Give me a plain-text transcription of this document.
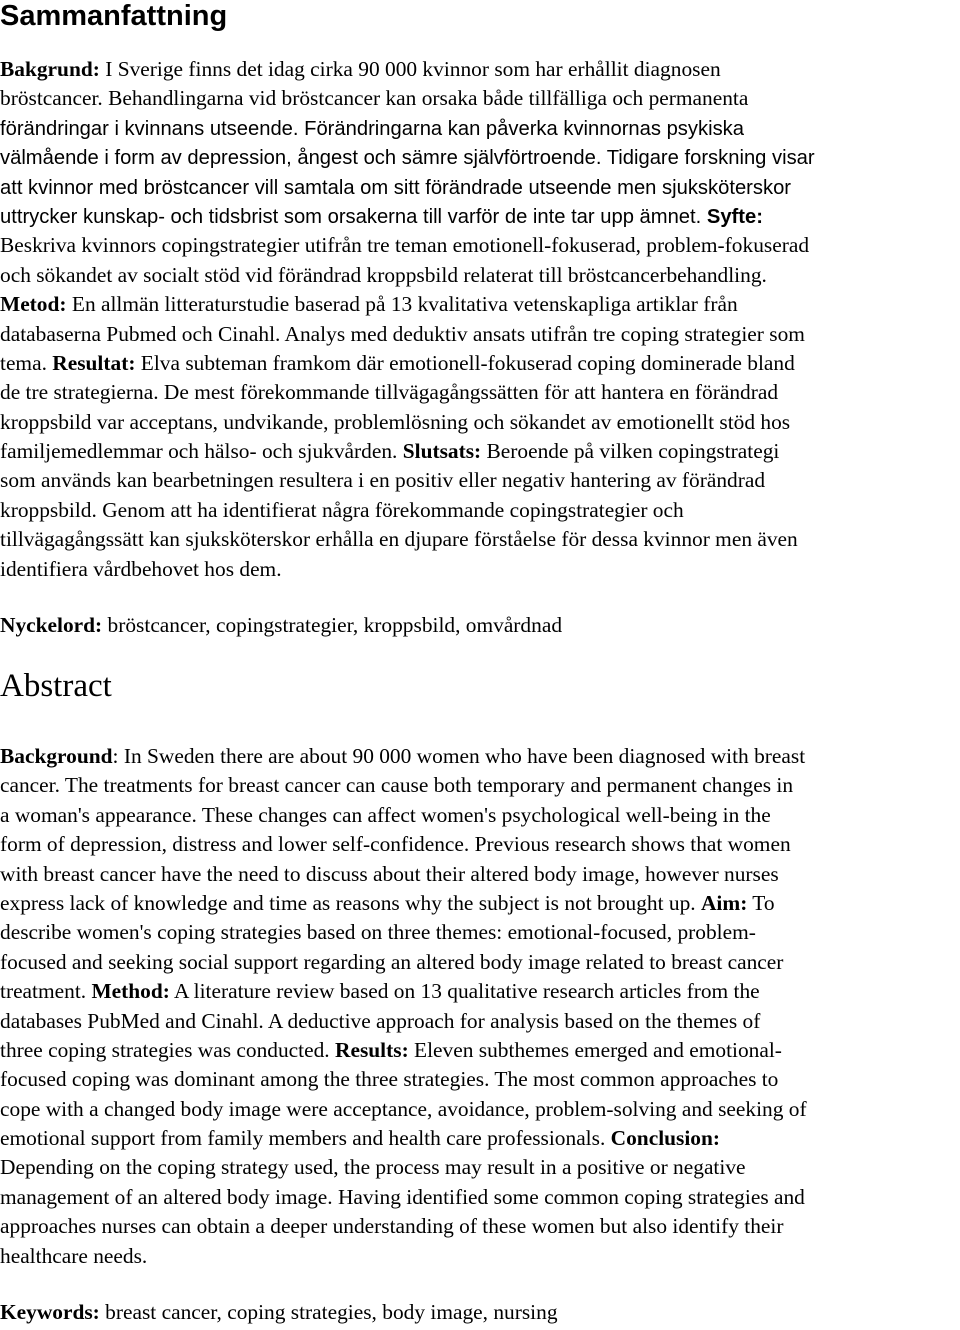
Sammanfattning
Bakgrund: I Sverige finns det idag cirka 90 000 kvinnor som har erhållit diagnosen
bröstcancer. Behandlingarna vid bröstcancer kan orsaka både tillfälliga och permanenta
förändringar i kvinnans utseende. Förändringarna kan påverka kvinnornas psykiska
välmående i form av depression, ångest och sämre självförtroende. Tidigare forskning visar
att kvinnor med bröstcancer vill samtala om sitt förändrade utseende men sjuksköterskor
uttrycker kunskap- och tidsbrist som orsakerna till varför de inte tar upp ämnet. Syfte:
Beskriva kvinnors copingstrategier utifrån tre teman emotionell-fokuserad, problem-fokuserad
och sökandet av socialt stöd vid förändrad kroppsbild relaterat till bröstcancerbehandling.
Metod: En allmän litteraturstudie baserad på 13 kvalitativa vetenskapliga artiklar från
databaserna Pubmed och Cinahl. Analys med deduktiv ansats utifrån tre coping strategier som
tema. Resultat: Elva subteman framkom där emotionell-fokuserad coping dominerade bland
de tre strategierna. De mest förekommande tillvägagångssätten för att hantera en förändrad
kroppsbild var acceptans, undvikande, problemlösning och sökandet av emotionellt stöd hos
familjemedlemmar och hälso- och sjukvården. Slutsats: Beroende på vilken copingstrategi
som används kan bearbetningen resultera i en positiv eller negativ hantering av förändrad
kroppsbild. Genom att ha identifierat några förekommande copingstrategier och
tillvägagångssätt kan sjuksköterskor erhålla en djupare förståelse för dessa kvinnor men även
identifiera vårdbehovet hos dem.
Nyckelord: bröstcancer, copingstrategier, kroppsbild, omvårdnad
Abstract
Background: In Sweden there are about 90 000 women who have been diagnosed with breast
cancer. The treatments for breast cancer can cause both temporary and permanent changes in
a woman's appearance. These changes can affect women's psychological well-being in the
form of depression, distress and lower self-confidence. Previous research shows that women
with breast cancer have the need to discuss about their altered body image, however nurses
express lack of knowledge and time as reasons why the subject is not brought up. Aim: To
describe women's coping strategies based on three themes: emotional-focused, problem-
focused and seeking social support regarding an altered body image related to breast cancer
treatment. Method: A literature review based on 13 qualitative research articles from the
databases PubMed and Cinahl. A deductive approach for analysis based on the themes of
three coping strategies was conducted. Results: Eleven subthemes emerged and emotional-
focused coping was dominant among the three strategies. The most common approaches to
cope with a changed body image were acceptance, avoidance, problem-solving and seeking of
emotional support from family members and health care professionals. Conclusion:
Depending on the coping strategy used, the process may result in a positive or negative
management of an altered body image. Having identified some common coping strategies and
approaches nurses can obtain a deeper understanding of these women but also identify their
healthcare needs.
Keywords: breast cancer, coping strategies, body image, nursing
